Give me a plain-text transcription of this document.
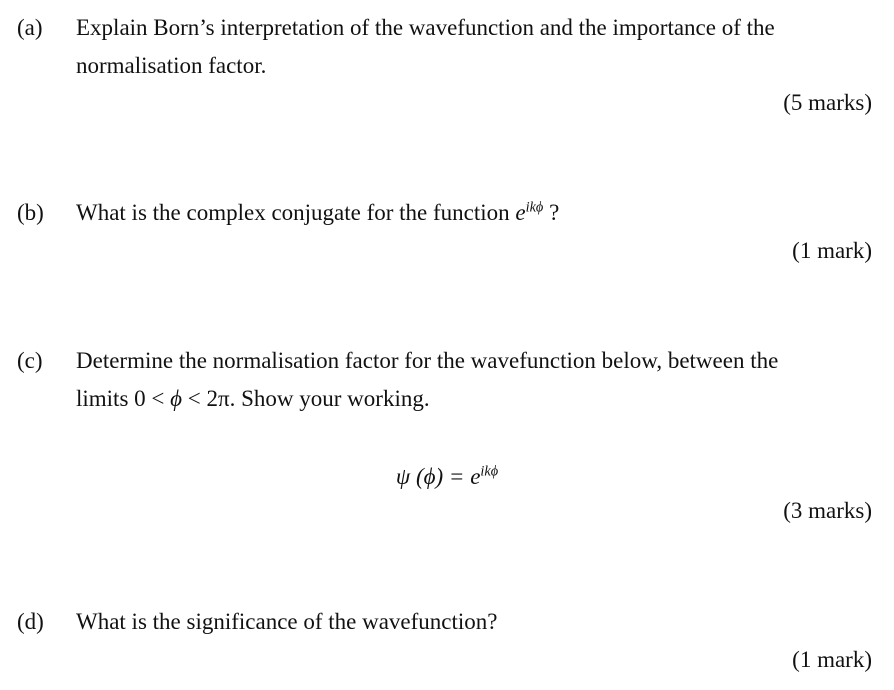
(a) Explain Born’s interpretation of the wavefunction and the importance of the
normalisation factor.
(5 marks)
(b) What is the complex conjugate for the function $e^{ik\phi}$ ?
(1 mark)
(c) Determine the normalisation factor for the wavefunction below, between the
limits 0 < ϕ < 2π. Show your working.
ψ $(\phi) = e^{ik\phi}$
(3 marks)
(d) What is the significance of the wavefunction?
(1 mark)
